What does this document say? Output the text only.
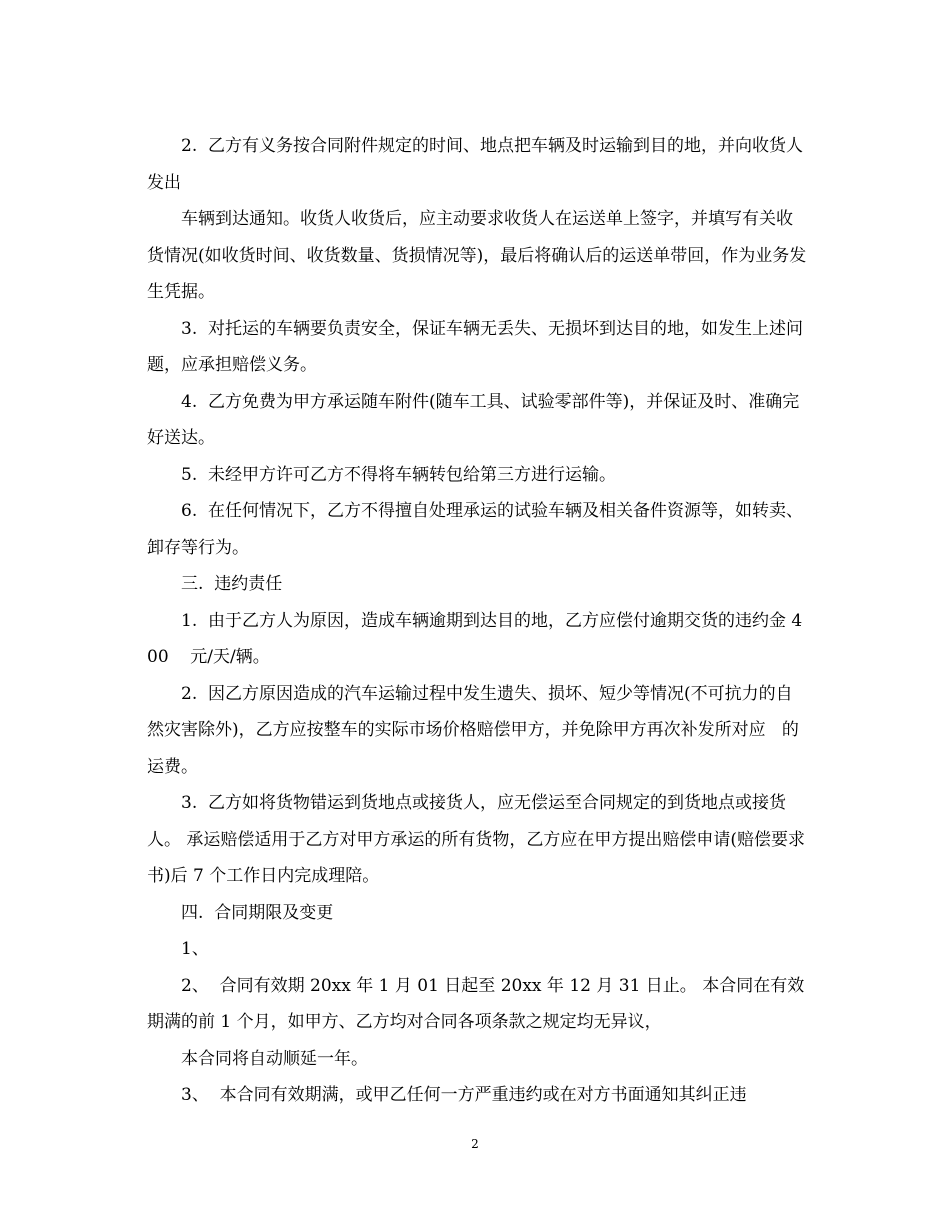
2.  乙方有义务按合同附件规定的时间、地点把车辆及时运输到目的地，并向收货人发出

车辆到达通知。收货人收货后，应主动要求收货人在运送单上签字，并填写有关收货情况(如收货时间、收货数量、货损情况等)，最后将确认后的运送单带回，作为业务发生凭据。

3.  对托运的车辆要负责安全，保证车辆无丢失、无损坏到达目的地，如发生上述问题，应承担赔偿义务。

4.  乙方免费为甲方承运随车附件(随车工具、试验零部件等)，并保证及时、准确完好送达。

5.  未经甲方许可乙方不得将车辆转包给第三方进行运输。

6.  在任何情况下，乙方不得擅自处理承运的试验车辆及相关备件资源等，如转卖、卸存等行为。

三.  违约责任

1.  由于乙方人为原因，造成车辆逾期到达目的地，乙方应偿付逾期交货的违约金 400    元/天/辆。

2.  因乙方原因造成的汽车运输过程中发生遗失、损坏、短少等情况(不可抗力的自然灾害除外)，乙方应按整车的实际市场价格赔偿甲方，并免除甲方再次补发所对应   的运费。

3.  乙方如将货物错运到货地点或接货人，应无偿运至合同规定的到货地点或接货人。 承运赔偿适用于乙方对甲方承运的所有货物，乙方应在甲方提出赔偿申请(赔偿要求书)后 7 个工作日内完成理陪。

四.  合同期限及变更

1、

2、  合同有效期 20xx 年 1 月 01 日起至 20xx 年 12 月 31 日止。 本合同在有效期满的前 1 个月，如甲方、乙方均对合同各项条款之规定均无异议，

本合同将自动顺延一年。

3、  本合同有效期满，或甲乙任何一方严重违约或在对方书面通知其纠正违

2
